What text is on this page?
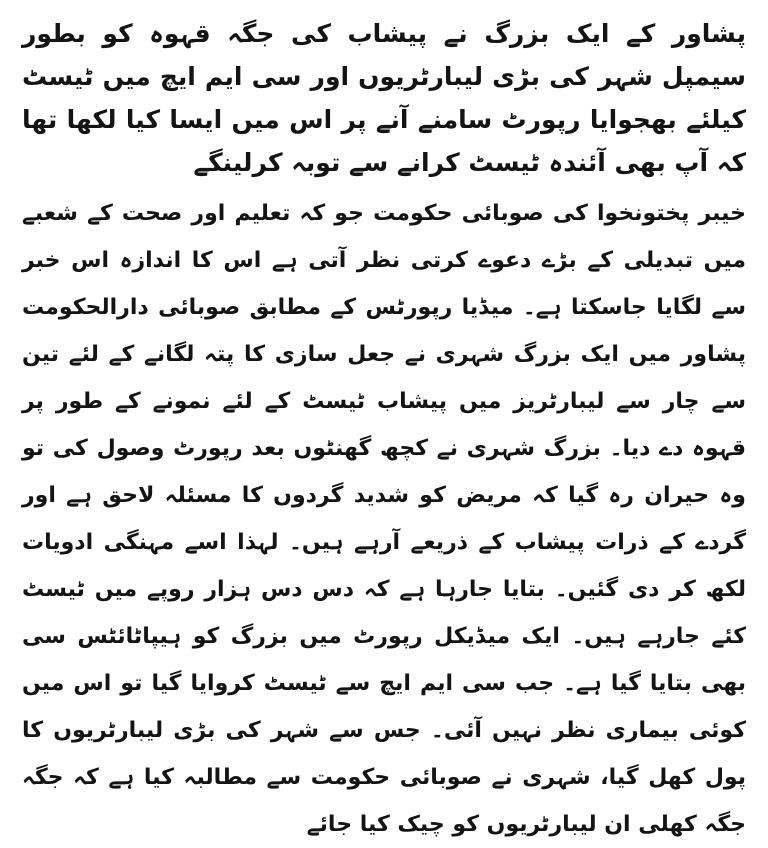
پشاور کے ایک بزرگ نے پیشاب کی جگہ قہوہ کو بطور سیمپل شہر کی بڑی لیبارٹریوں اور سی ایم ایچ میں ٹیسٹ کیلئے بھجوایا رپورٹ سامنے آنے پر اس میں ایسا کیا لکھا تھا کہ آپ بھی آئندہ ٹیسٹ کرانے سے توبہ کرلینگے

خیبر پختونخوا کی صوبائی حکومت جو کہ تعلیم اور صحت کے شعبے میں تبدیلی کے بڑے دعوے کرتی نظر آتی ہے اس کا اندازہ اس خبر سے لگایا جاسکتا ہے۔ میڈیا رپورٹس کے مطابق صوبائی دارالحکومت پشاور میں ایک بزرگ شہری نے جعل سازی کا پتہ لگانے کے لئے تین سے چار سے لیبارٹریز میں پیشاب ٹیسٹ کے لئے نمونے کے طور پر قہوہ دے دیا۔ بزرگ شہری نے کچھ گھنٹوں بعد رپورٹ وصول کی تو وہ حیران رہ گیا کہ مریض کو شدید گردوں کا مسئلہ لاحق ہے اور گردے کے ذرات پیشاب کے ذریعے آرہے ہیں۔ لہذا اسے مہنگی ادویات لکھ کر دی گئیں۔ بتایا جارہا ہے کہ دس دس ہزار روپے میں ٹیسٹ کئے جارہے ہیں۔ ایک میڈیکل رپورٹ میں بزرگ کو ہیپاٹائٹس سی بھی بتایا گیا ہے۔ جب سی ایم ایچ سے ٹیسٹ کروایا گیا تو اس میں کوئی بیماری نظر نہیں آئی۔ جس سے شہر کی بڑی لیبارٹریوں کا پول کھل گیا، شہری نے صوبائی حکومت سے مطالبہ کیا ہے کہ جگہ جگہ کھلی ان لیبارٹریوں کو چیک کیا جائے
